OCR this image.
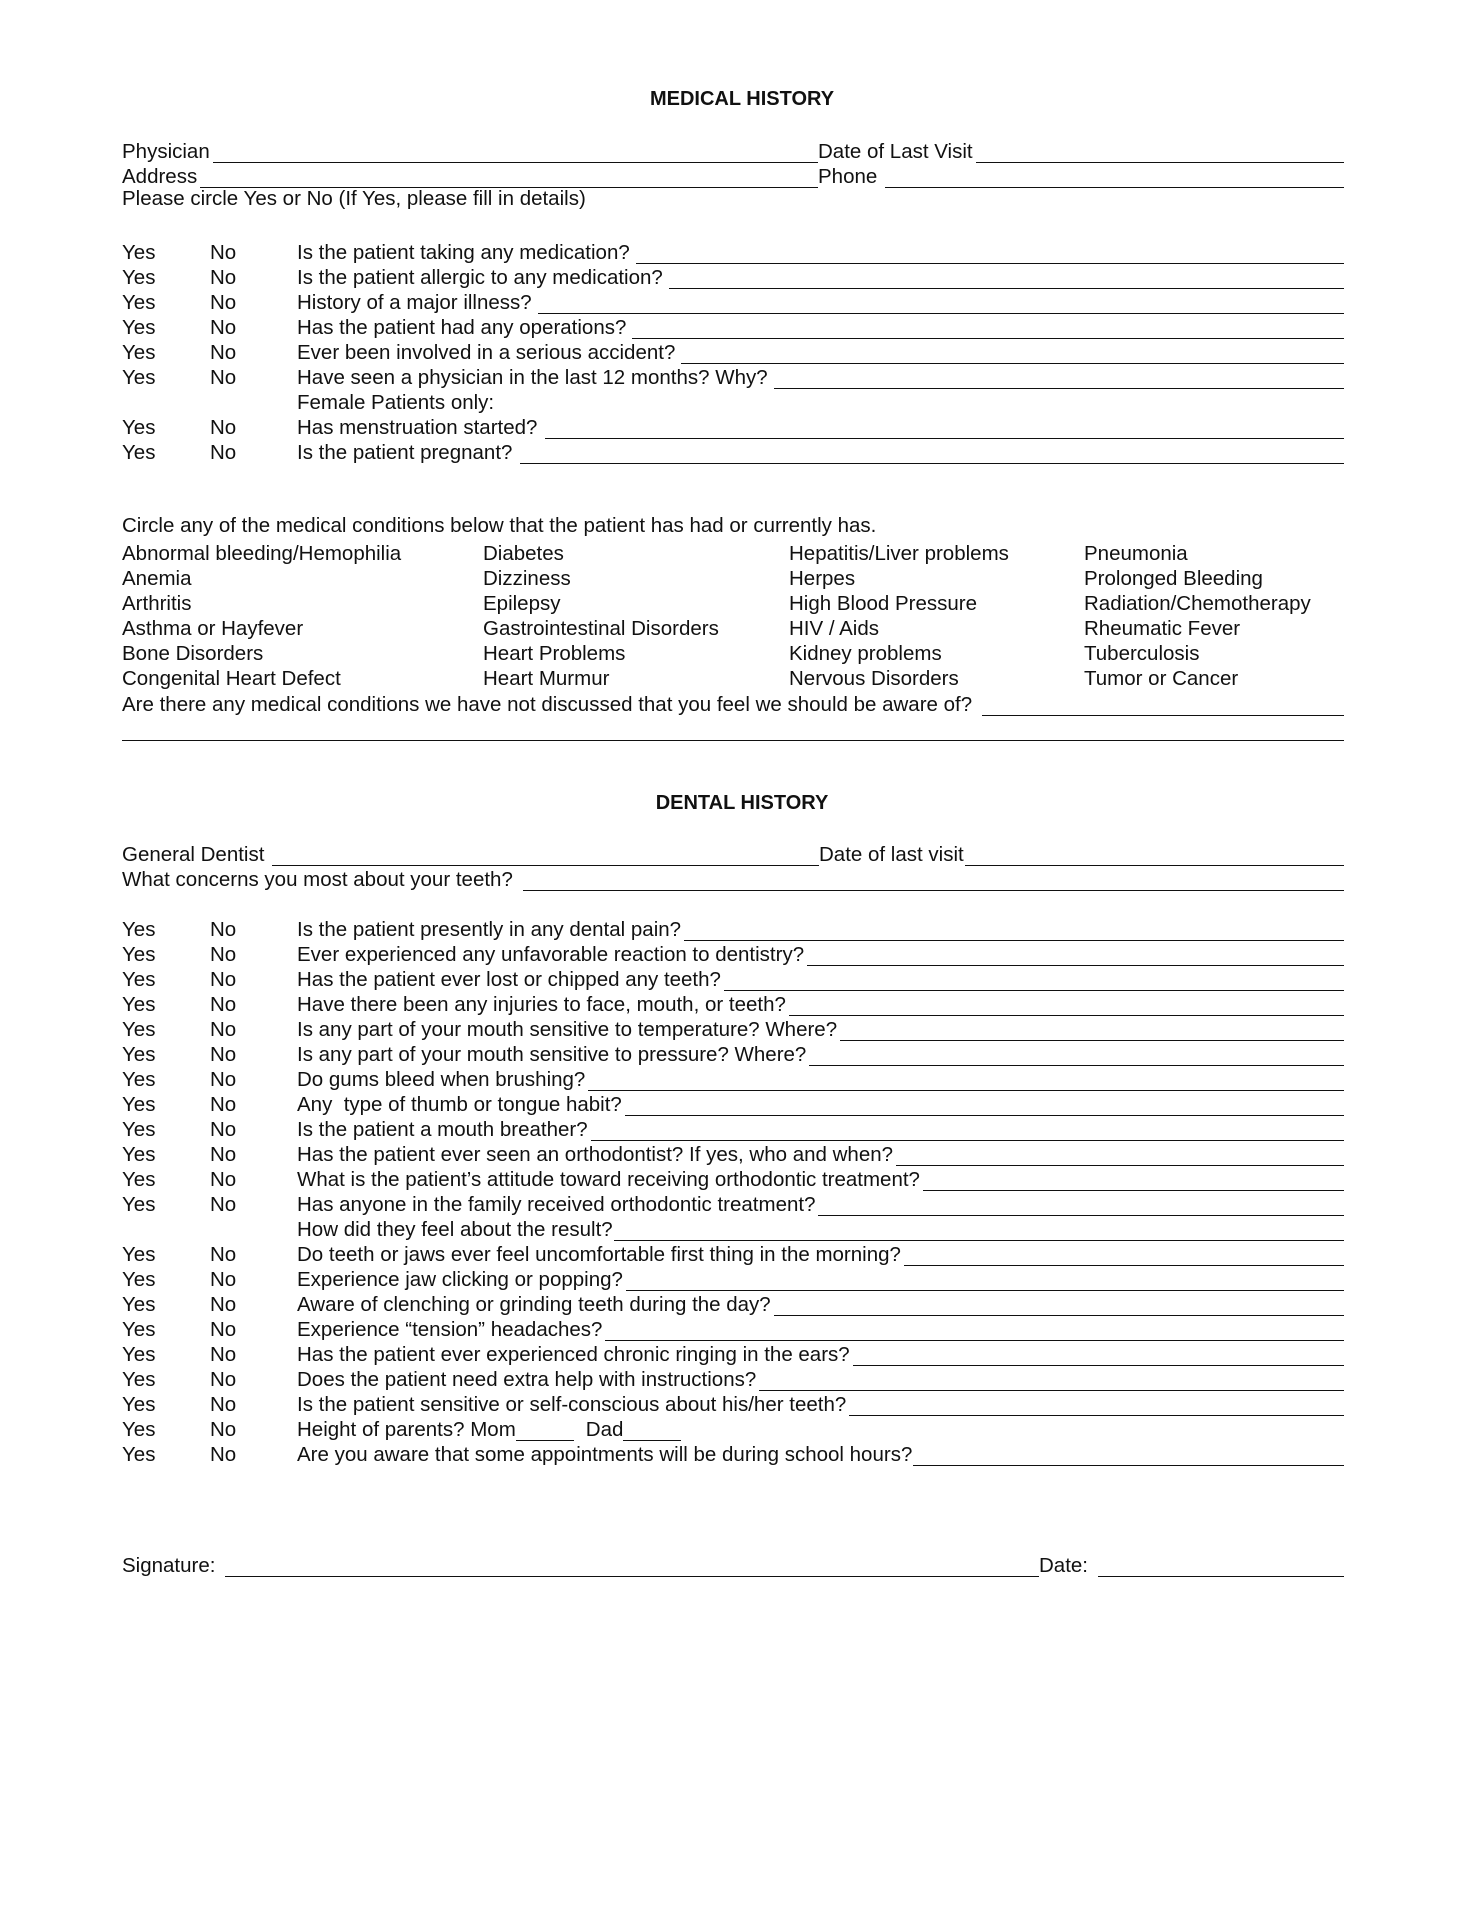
MEDICAL HISTORY
Physician	Date of Last Visit
Address	Phone
Please circle Yes or No (If Yes, please fill in details)
Yes	No	Is the patient taking any medication?
Yes	No	Is the patient allergic to any medication?
Yes	No	History of a major illness?
Yes	No	Has the patient had any operations?
Yes	No	Ever been involved in a serious accident?
Yes	No	Have seen a physician in the last 12 months? Why?
Female Patients only:
Yes	No	Has menstruation started?
Yes	No	Is the patient pregnant?
Circle any of the medical conditions below that the patient has had or currently has.
Abnormal bleeding/Hemophilia	Diabetes	Hepatitis/Liver problems	Pneumonia
Anemia	Dizziness	Herpes	Prolonged Bleeding
Arthritis	Epilepsy	High Blood Pressure	Radiation/Chemotherapy
Asthma or Hayfever	Gastrointestinal Disorders	HIV / Aids	Rheumatic Fever
Bone Disorders	Heart Problems	Kidney problems	Tuberculosis
Congenital Heart Defect	Heart Murmur	Nervous Disorders	Tumor or Cancer
Are there any medical conditions we have not discussed that you feel we should be aware of?
DENTAL HISTORY
General Dentist	Date of last visit
What concerns you most about your teeth?
Yes	No	Is the patient presently in any dental pain?
Yes	No	Ever experienced any unfavorable reaction to dentistry?
Yes	No	Has the patient ever lost or chipped any teeth?
Yes	No	Have there been any injuries to face, mouth, or teeth?
Yes	No	Is any part of your mouth sensitive to temperature? Where?
Yes	No	Is any part of your mouth sensitive to pressure? Where?
Yes	No	Do gums bleed when brushing?
Yes	No	Any  type of thumb or tongue habit?
Yes	No	Is the patient a mouth breather?
Yes	No	Has the patient ever seen an orthodontist? If yes, who and when?
Yes	No	What is the patient’s attitude toward receiving orthodontic treatment?
Yes	No	Has anyone in the family received orthodontic treatment?
How did they feel about the result?
Yes	No	Do teeth or jaws ever feel uncomfortable first thing in the morning?
Yes	No	Experience jaw clicking or popping?
Yes	No	Aware of clenching or grinding teeth during the day?
Yes	No	Experience “tension” headaches?
Yes	No	Has the patient ever experienced chronic ringing in the ears?
Yes	No	Does the patient need extra help with instructions?
Yes	No	Is the patient sensitive or self-conscious about his/her teeth?
Yes	No	Height of parents? Mom	Dad
Yes	No	Are you aware that some appointments will be during school hours?
Signature:	Date:
